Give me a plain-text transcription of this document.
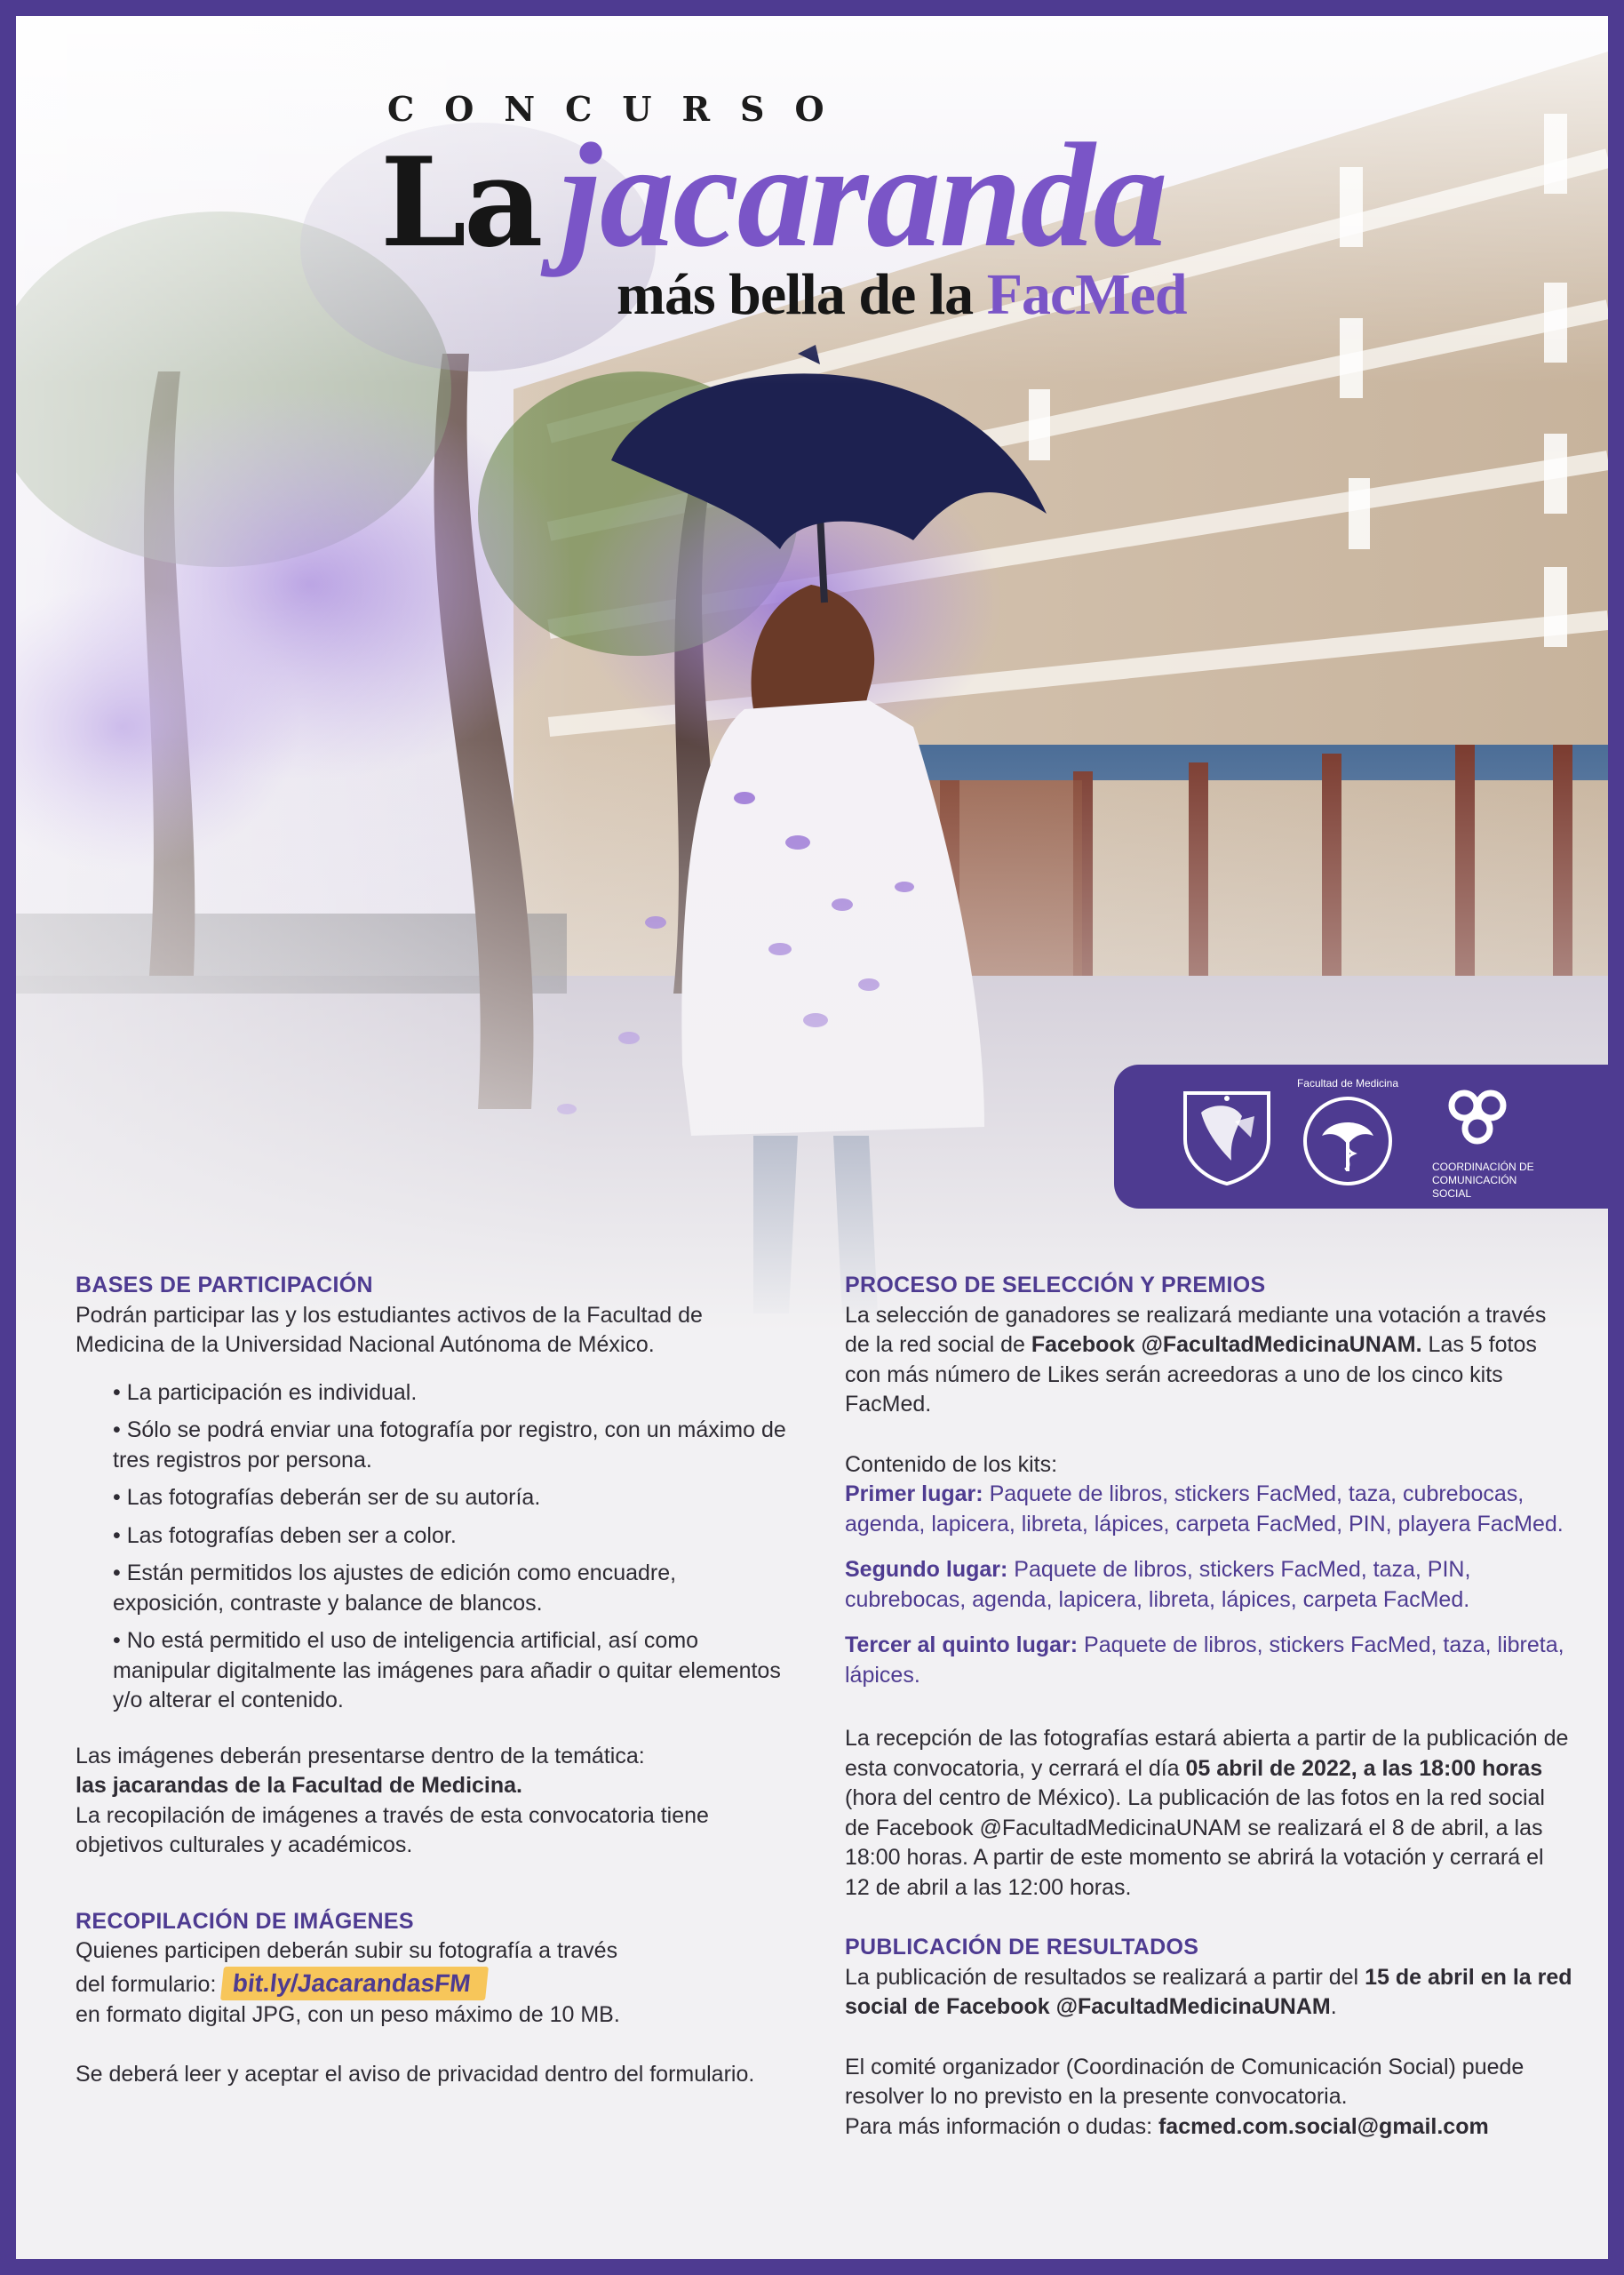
CONCURSO
La jacaranda
más bella de la FacMed
Facultad de Medicina
COORDINACIÓN DE
COMUNICACIÓN SOCIAL
BASES DE PARTICIPACIÓN

Podrán participar las y los estudiantes activos de la Facultad de Medicina de la Universidad Nacional Autónoma de México.

• La participación es individual.
• Sólo se podrá enviar una fotografía por registro, con un máximo de tres registros por persona.
• Las fotografías deberán ser de su autoría.
• Las fotografías deben ser a color.
• Están permitidos los ajustes de edición como encuadre, exposición, contraste y balance de blancos.
• No está permitido el uso de inteligencia artificial, así como manipular digitalmente las imágenes para añadir o quitar elementos y/o alterar el contenido.

Las imágenes deberán presentarse dentro de la temática:

las jacarandas de la Facultad de Medicina.

La recopilación de imágenes a través de esta convocatoria tiene objetivos culturales y académicos.

RECOPILACIÓN DE IMÁGENES

Quienes participen deberán subir su fotografía a través

del formulario: bit.ly/JacarandasFM

en formato digital JPG, con un peso máximo de 10 MB.

Se deberá leer y aceptar el aviso de privacidad dentro del formulario.

PROCESO DE SELECCIÓN Y PREMIOS

La selección de ganadores se realizará mediante una votación a través de la red social de Facebook @FacultadMedicinaUNAM. Las 5 fotos con más número de Likes serán acreedoras a uno de los cinco kits FacMed.

Contenido de los kits:

Primer lugar: Paquete de libros, stickers FacMed, taza, cubrebocas, agenda, lapicera, libreta, lápices, carpeta FacMed, PIN, playera FacMed.

Segundo lugar: Paquete de libros, stickers FacMed, taza, PIN, cubrebocas, agenda, lapicera, libreta, lápices, carpeta FacMed.

Tercer al quinto lugar: Paquete de libros, stickers FacMed, taza, libreta, lápices.

La recepción de las fotografías estará abierta a partir de la publicación de esta convocatoria, y cerrará el día 05 abril de 2022, a las 18:00 horas (hora del centro de México). La publicación de las fotos en la red social de Facebook @FacultadMedicinaUNAM se realizará el 8 de abril, a las 18:00 horas. A partir de este momento se abrirá la votación y cerrará el 12 de abril a las 12:00 horas.

PUBLICACIÓN DE RESULTADOS

La publicación de resultados se realizará a partir del 15 de abril en la red social de Facebook @FacultadMedicinaUNAM.

El comité organizador (Coordinación de Comunicación Social) puede resolver lo no previsto en la presente convocatoria.

Para más información o dudas: facmed.com.social@gmail.com
